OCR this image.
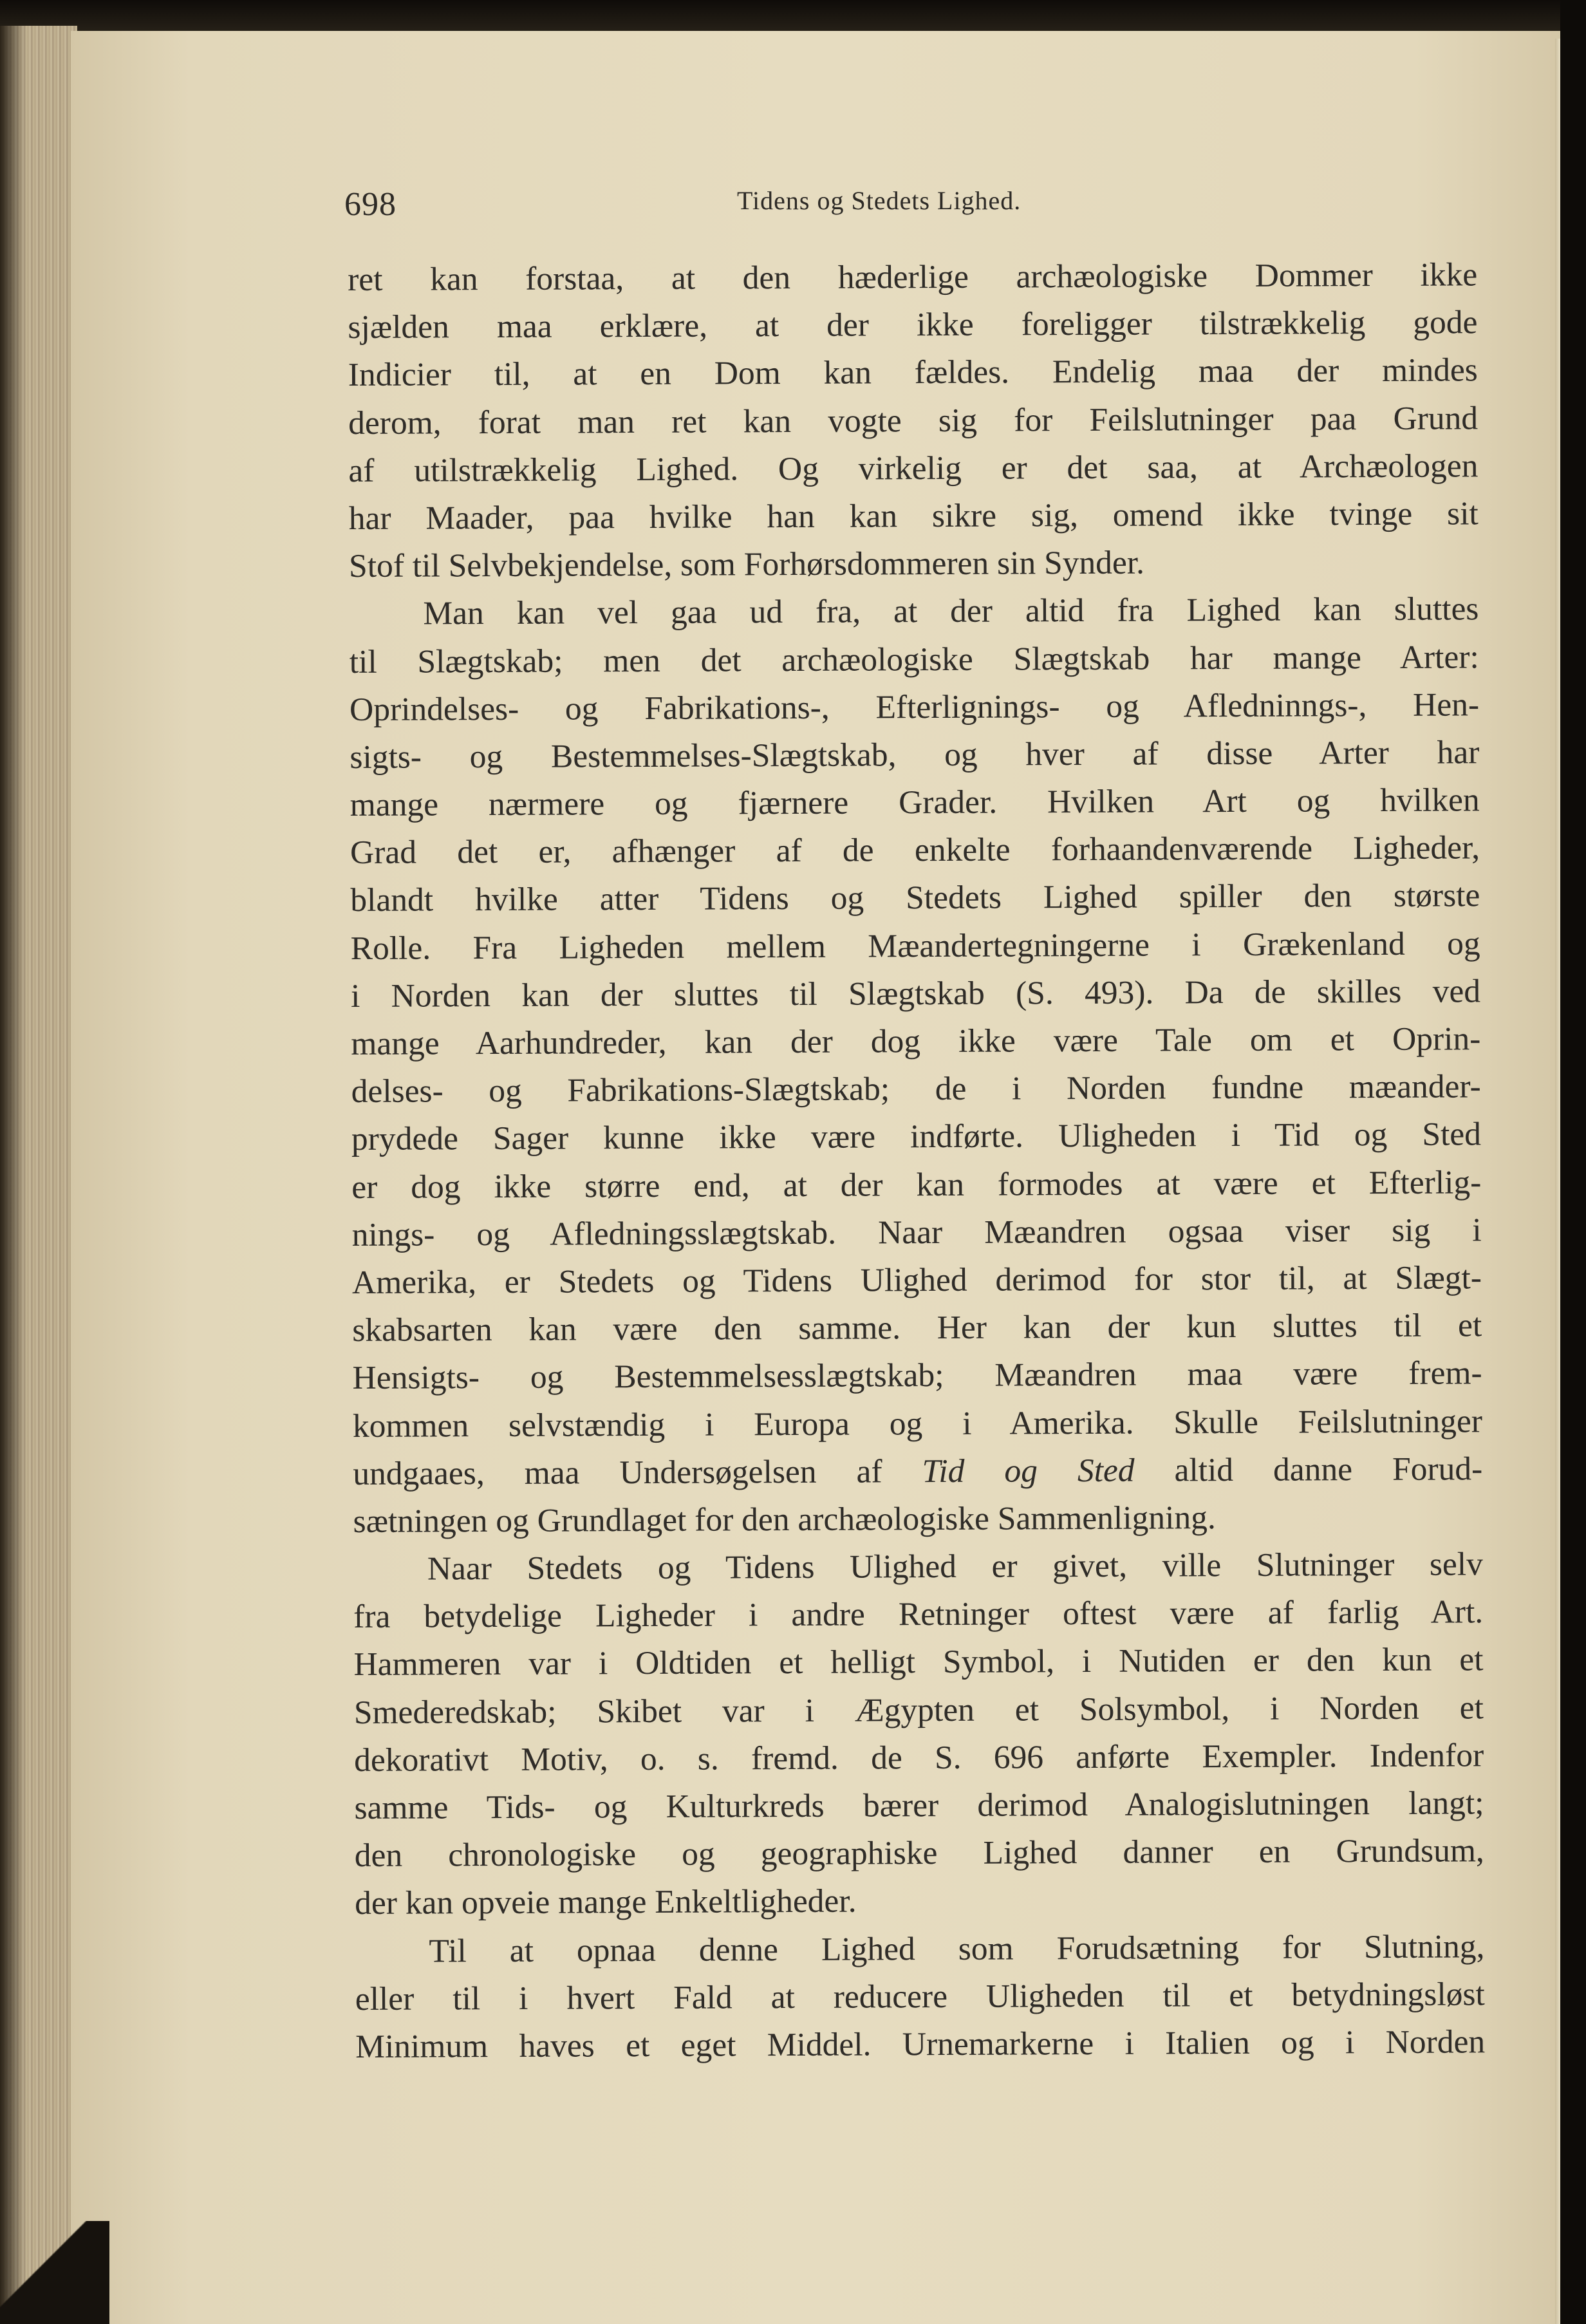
698	Tidens og Stedets Lighed.
ret kan forstaa, at den hæderlige archæologiske Dommer ikke
sjælden maa erklære, at der ikke foreligger tilstrækkelig gode
Indicier til, at en Dom kan fældes. Endelig maa der mindes
derom, forat man ret kan vogte sig for Feilslutninger paa Grund
af utilstrækkelig Lighed. Og virkelig er det saa, at Archæologen
har Maader, paa hvilke han kan sikre sig, omend ikke tvinge sit
Stof til Selvbekjendelse, som Forhørsdommeren sin Synder.
Man kan vel gaa ud fra, at der altid fra Lighed kan sluttes
til Slægtskab; men det archæologiske Slægtskab har mange Arter:
Oprindelses- og Fabrikations-, Efterlignings- og Afledninngs-, Hen-
sigts- og Bestemmelses-Slægtskab, og hver af disse Arter har
mange nærmere og fjærnere Grader. Hvilken Art og hvilken
Grad det er, afhænger af de enkelte forhaandenværende Ligheder,
blandt hvilke atter Tidens og Stedets Lighed spiller den største
Rolle. Fra Ligheden mellem Mæandertegningerne i Grækenland og
i Norden kan der sluttes til Slægtskab (S. 493). Da de skilles ved
mange Aarhundreder, kan der dog ikke være Tale om et Oprin-
delses- og Fabrikations-Slægtskab; de i Norden fundne mæander-
prydede Sager kunne ikke være indførte. Uligheden i Tid og Sted
er dog ikke større end, at der kan formodes at være et Efterlig-
nings- og Afledningsslægtskab. Naar Mæandren ogsaa viser sig i
Amerika, er Stedets og Tidens Ulighed derimod for stor til, at Slægt-
skabsarten kan være den samme. Her kan der kun sluttes til et
Hensigts- og Bestemmelsesslægtskab; Mæandren maa være frem-
kommen selvstændig i Europa og i Amerika. Skulle Feilslutninger
undgaaes, maa Undersøgelsen af Tid og Sted altid danne Forud-
sætningen og Grundlaget for den archæologiske Sammenligning.
Naar Stedets og Tidens Ulighed er givet, ville Slutninger selv
fra betydelige Ligheder i andre Retninger oftest være af farlig Art.
Hammeren var i Oldtiden et helligt Symbol, i Nutiden er den kun et
Smederedskab; Skibet var i Ægypten et Solsymbol, i Norden et
dekorativt Motiv, o. s. fremd. de S. 696 anførte Exempler. Indenfor
samme Tids- og Kulturkreds bærer derimod Analogislutningen langt;
den chronologiske og geographiske Lighed danner en Grundsum,
der kan opveie mange Enkeltligheder.
Til at opnaa denne Lighed som Forudsætning for Slutning,
eller til i hvert Fald at reducere Uligheden til et betydningsløst
Minimum haves et eget Middel. Urnemarkerne i Italien og i Norden
